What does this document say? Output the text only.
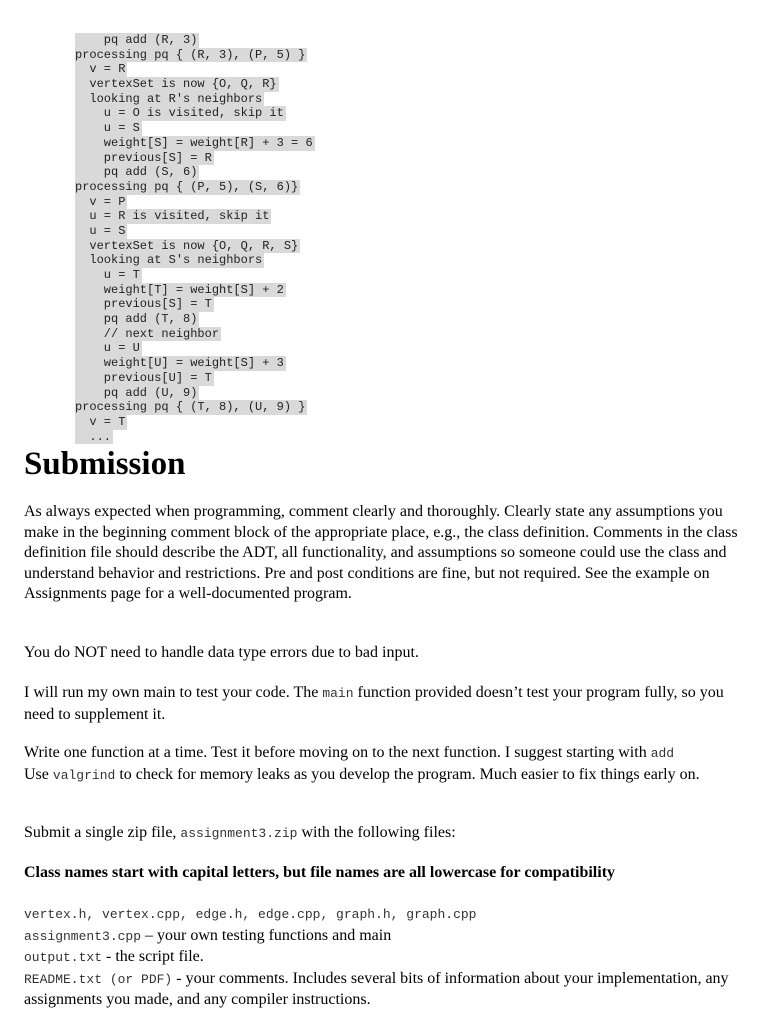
pq add (R, 3)
processing pq { (R, 3), (P, 5) }
v = R
vertexSet is now {O, Q, R}
looking at R's neighbors
u = O is visited, skip it
u = S
weight[S] = weight[R] + 3 = 6
previous[S] = R
pq add (S, 6)
processing pq { (P, 5), (S, 6)}
v = P
u = R is visited, skip it
u = S
vertexSet is now {O, Q, R, S}
looking at S's neighbors
u = T
weight[T] = weight[S] + 2
previous[S] = T
pq add (T, 8)
// next neighbor
u = U
weight[U] = weight[S] + 3
previous[U] = T
pq add (U, 9)
processing pq { (T, 8), (U, 9) }
v = T
...
Submission

As always expected when programming, comment clearly and thoroughly. Clearly state any assumptions you make in the beginning comment block of the appropriate place, e.g., the class definition. Comments in the class definition file should describe the ADT, all functionality, and assumptions so someone could use the class and understand behavior and restrictions. Pre and post conditions are fine, but not required. See the example on Assignments page for a well-documented program.

You do NOT need to handle data type errors due to bad input.

I will run my own main to test your code. The main function provided doesn’t test your program fully, so you need to supplement it.

Write one function at a time. Test it before moving on to the next function. I suggest starting with add
Use valgrind to check for memory leaks as you develop the program. Much easier to fix things early on.

Submit a single zip file, assignment3.zip with the following files:

Class names start with capital letters, but file names are all lowercase for compatibility

vertex.h, vertex.cpp, edge.h, edge.cpp, graph.h, graph.cpp
assignment3.cpp – your own testing functions and main
output.txt - the script file.
README.txt (or PDF) - your comments. Includes several bits of information about your implementation, any assignments you made, and any compiler instructions.
